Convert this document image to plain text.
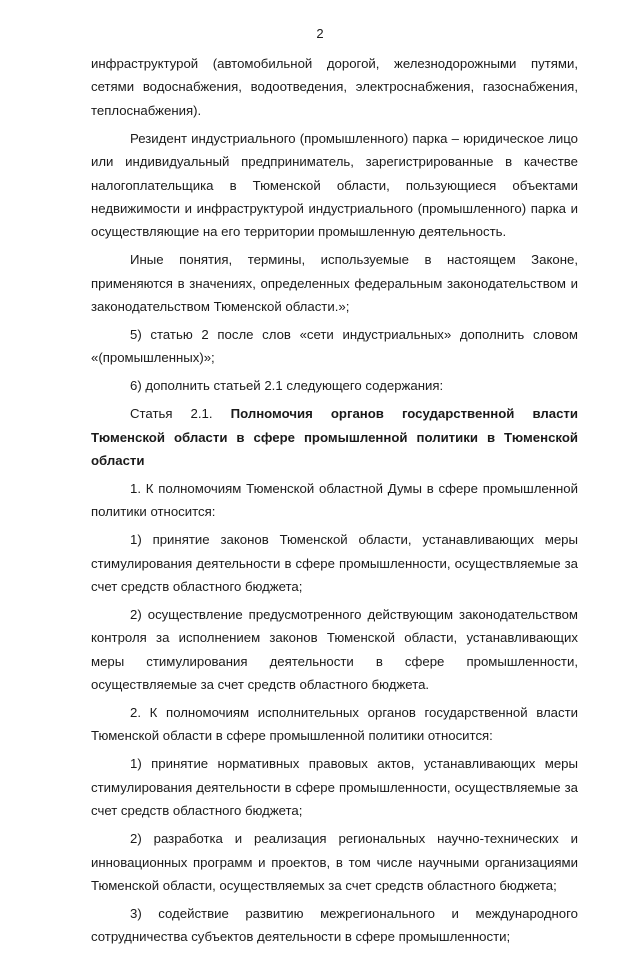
2

инфраструктурой (автомобильной дорогой, железнодорожными путями, сетями водоснабжения, водоотведения, электроснабжения, газоснабжения, теплоснабжения).

Резидент индустриального (промышленного) парка – юридическое лицо или индивидуальный предприниматель, зарегистрированные в качестве налогоплательщика в Тюменской области, пользующиеся объектами недвижимости и инфраструктурой индустриального (промышленного) парка и осуществляющие на его территории промышленную деятельность.

Иные понятия, термины, используемые в настоящем Законе, применяются в значениях, определенных федеральным законодательством и законодательством Тюменской области.»;

5) статью 2 после слов «сети индустриальных» дополнить словом «(промышленных)»;

6) дополнить статьей 2.1 следующего содержания:

Статья 2.1. Полномочия органов государственной власти Тюменской области в сфере промышленной политики в Тюменской области

1. К полномочиям Тюменской областной Думы в сфере промышленной политики относится:

1) принятие законов Тюменской области, устанавливающих меры стимулирования деятельности в сфере промышленности, осуществляемые за счет средств областного бюджета;

2) осуществление предусмотренного действующим законодательством контроля за исполнением законов Тюменской области, устанавливающих меры стимулирования деятельности в сфере промышленности, осуществляемые за счет средств областного бюджета.

2. К полномочиям исполнительных органов государственной власти Тюменской области в сфере промышленной политики относится:

1) принятие нормативных правовых актов, устанавливающих меры стимулирования деятельности в сфере промышленности, осуществляемые за счет средств областного бюджета;

2) разработка и реализация региональных научно-технических и инновационных программ и проектов, в том числе научными организациями Тюменской области, осуществляемых за счет средств областного бюджета;

3) содействие развитию межрегионального и международного сотрудничества субъектов деятельности в сфере промышленности;
